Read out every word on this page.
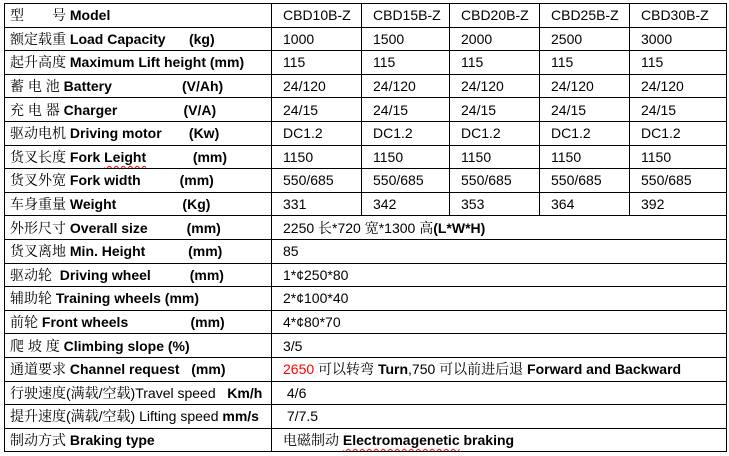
型　　号 Model	CBD10B-Z	CBD15B-Z	CBD20B-Z	CBD25B-Z	CBD30B-Z
额定载重 Load Capacity (kg)	1000	1500	2000	2500	3000
起升高度 Maximum Lift height (mm)	115	115	115	115	115
蓄 电 池 Battery (V/Ah)	24/120	24/120	24/120	24/120	24/120
充 电 器 Charger (V/A)	24/15	24/15	24/15	24/15	24/15
驱动电机 Driving motor (Kw)	DC1.2	DC1.2	DC1.2	DC1.2	DC1.2
货叉长度 Fork Leight (mm)	1150	1150	1150	1150	1150
货叉外宽 Fork width (mm)	550/685	550/685	550/685	550/685	550/685
车身重量 Weight (Kg)	331	342	353	364	392
外形尺寸 Overall size (mm)	2250 长*720 宽*1300 高(L*W*H)				
货叉离地 Min. Height (mm)	85				
驱动轮  Driving wheel (mm)	1*¢250*80				
辅助轮 Training wheels (mm)	2*¢100*40				
前轮 Front wheels (mm)	4*¢80*70				
爬 坡 度 Climbing slope (%)	3/5				
通道要求 Channel request (mm)	2650 可以转弯 Turn,750 可以前进后退 Forward and Backward				
行驶速度(满载/空载)Travel speed Km/h	4/6				
提升速度(满载/空载) Lifting speed mm/s	7/7.5				
制动方式 Braking type	电磁制动 Electromagenetic braking				
